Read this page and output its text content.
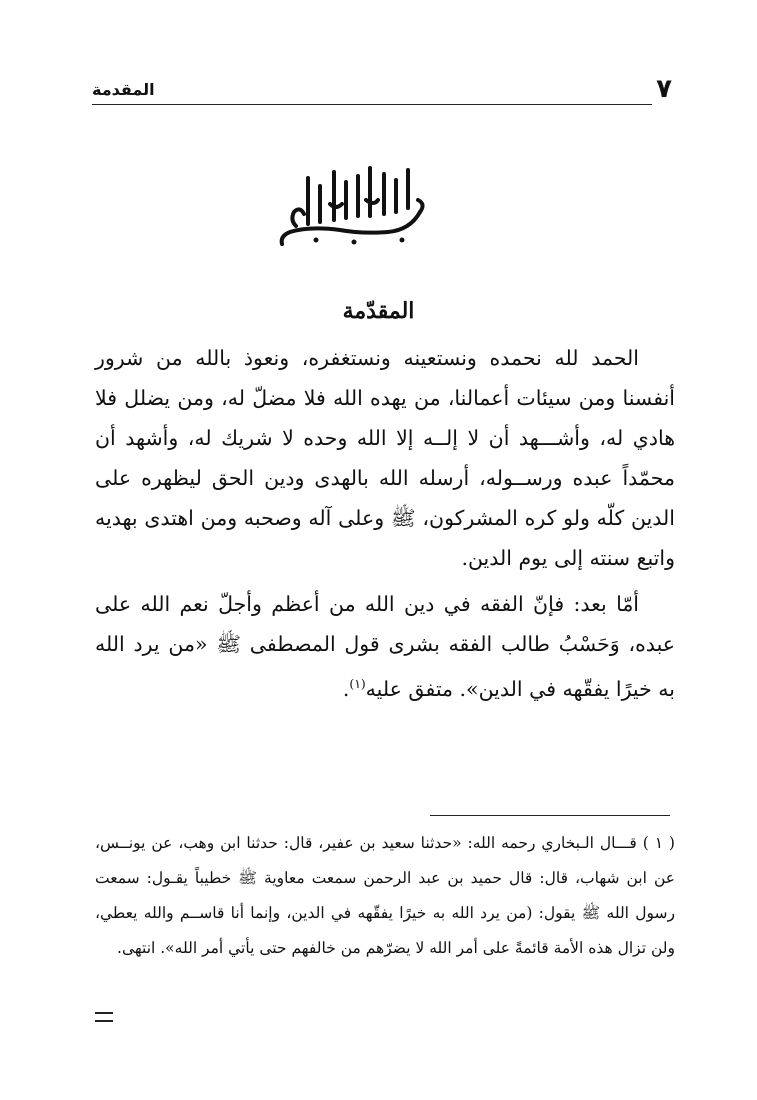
٧
المقدمة
المقدّمة

الحمد لله نحمده ونستعينه ونستغفره، ونعوذ بالله من شرور أنفسنا ومن سيئات أعمالنا، من يهده الله فلا مضلّ له، ومن يضلل فلا هادي له، وأشـــهد أن لا إلــه إلا الله وحده لا شريك له، وأشهد أن محمّداً عبده ورســوله، أرسله الله بالهدى ودين الحق ليظهره على الدين كلّه ولو كره المشركون، ﷺ وعلى آله وصحبه ومن اهتدى بهديه واتبع سنته إلى يوم الدين.

أمّا بعد: فإنّ الفقه في دين الله من أعظم وأجلّ نعم الله على عبده، وَحَسْبُ طالب الفقه بشرى قول المصطفى ﷺ «من يرد الله به خيرًا يفقّهه في الدين». متفق عليه$^{(١)}$.

( ١ ) قـــال الـبخاري رحمه الله: «حدثنا سعيد بن عفير، قال: حدثنا ابن وهب، عن يونــس، عن ابن شهاب، قال: قال حميد بن عبد الرحمن سمعت معاوية ﷺ خطيباً يقـول: سمعت رسول الله ﷺ يقول: (من يرد الله به خيرًا يفقّهه في الدين، وإنما أنا قاســم والله يعطي، ولن تزال هذه الأمة قائمةً على أمر الله لا يضرّهم من خالفهم حتى يأتي أمر الله». انتهى.
